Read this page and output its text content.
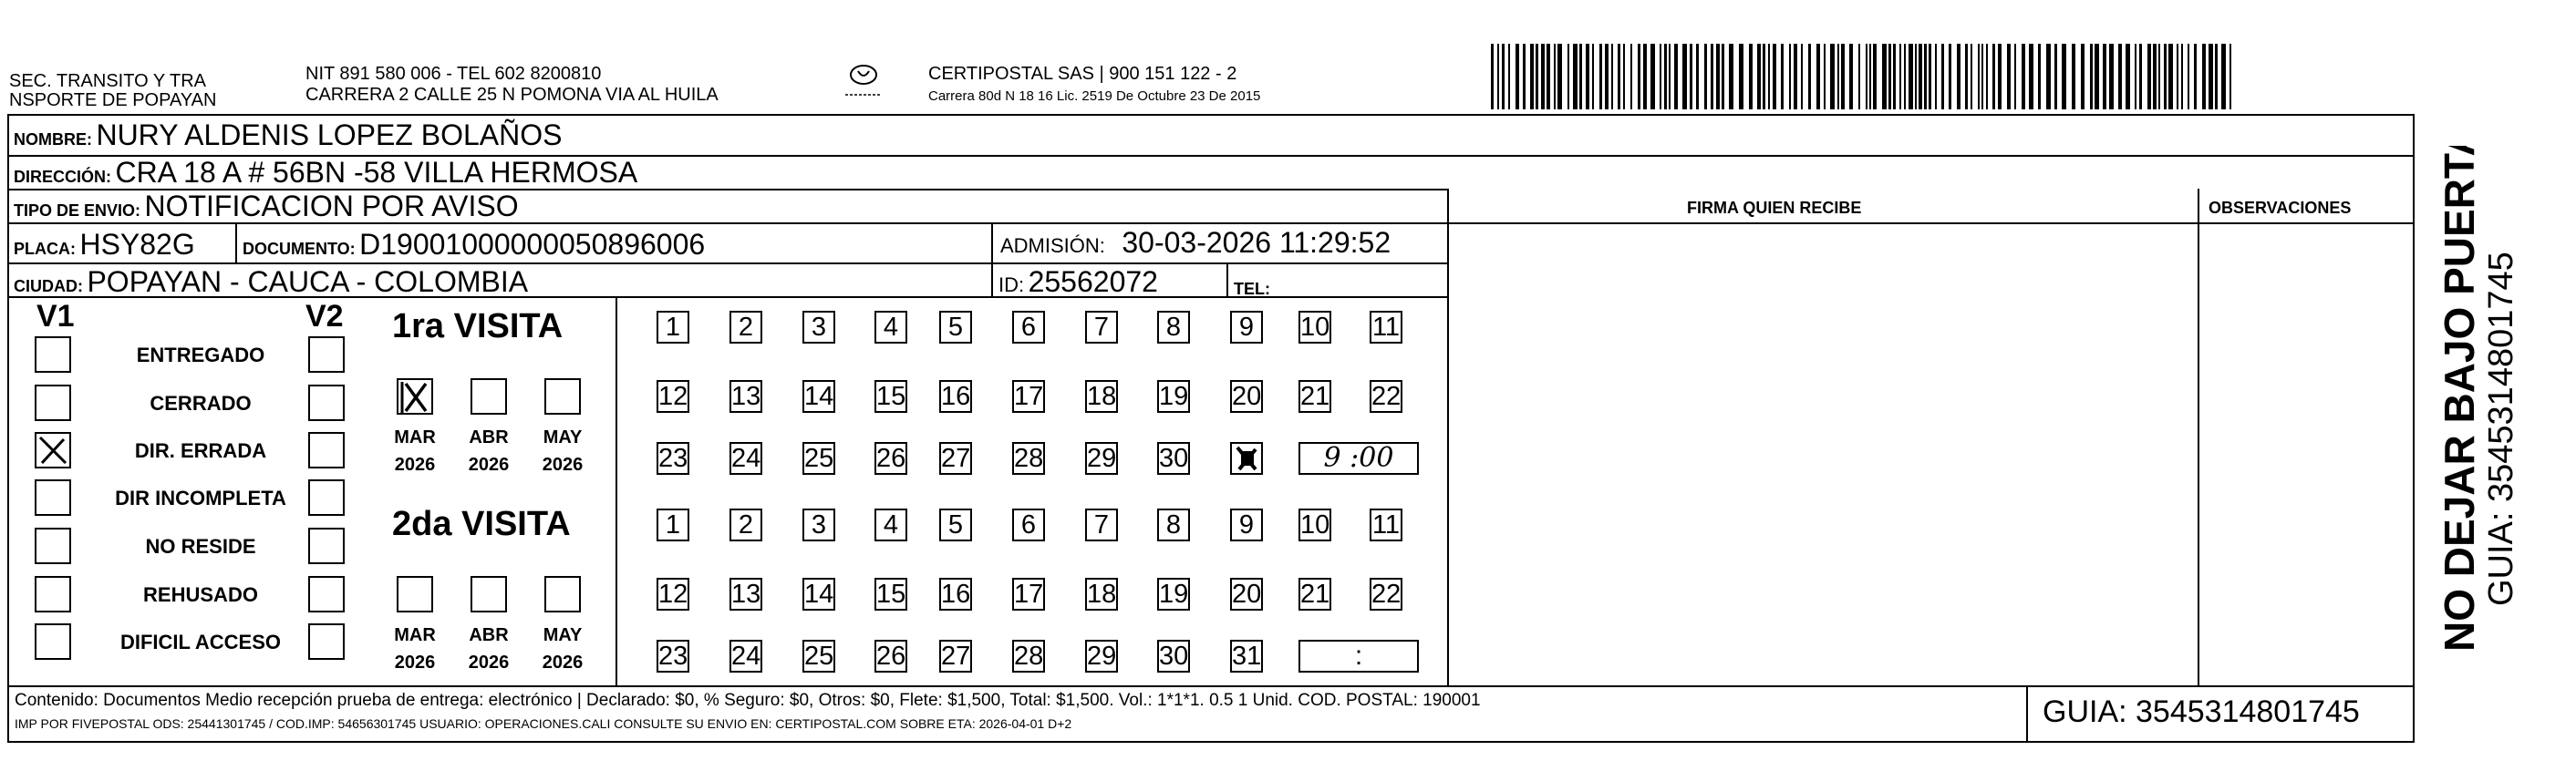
SEC. TRANSITO Y TRA
NSPORTE DE POPAYAN
NIT 891 580 006 - TEL 602 8200810
CARRERA 2 CALLE 25 N POMONA VIA AL HUILA
CERTIPOSTAL SAS | 900 151 122 - 2
Carrera 80d N 18 16 Lic. 2519 De Octubre 23 De 2015
NOMBRE: NURY ALDENIS LOPEZ BOLAÑOS
DIRECCIÓN: CRA 18 A # 56BN -58 VILLA HERMOSA
TIPO DE ENVIO: NOTIFICACION POR AVISO	FIRMA QUIEN RECIBE	OBSERVACIONES
PLACA: HSY82G	DOCUMENTO: D19001000000050896006	ADMISIÓN: 30-03-2026 11:29:52
CIUDAD: POPAYAN - CAUCA - COLOMBIA	ID: 25562072	TEL:
V1	V2
ENTREGADO
CERRADO
DIR. ERRADA
DIR INCOMPLETA
NO RESIDE
REHUSADO
DIFICIL ACCESO
1ra VISITA
MAR
2026
ABR
2026
MAY
2026
1	2	3	4	5	6	7	8	9	10 11
12 13 14 15 16 17 18 19 20 21 22
23 24 25 26 27 28 29 30	9 :00
2da VISITA
MAR
2026
ABR
2026
MAY
2026
1	2	3	4	5	6	7	8	9	10 11
12 13 14 15 16 17 18 19 20 21 22
23 24 25 26 27 28 29 30 31	:
Contenido: Documentos Medio recepción prueba de entrega: electrónico | Declarado: $0, % Seguro: $0, Otros: $0, Flete: $1,500, Total: $1,500. Vol.: 1*1*1. 0.5 1 Unid. COD. POSTAL: 190001
IMP POR FIVEPOSTAL ODS: 25441301745 / COD.IMP: 54656301745 USUARIO: OPERACIONES.CALI CONSULTE SU ENVIO EN: CERTIPOSTAL.COM SOBRE ETA: 2026-04-01 D+2	GUIA: 3545314801745
NO DEJAR BAJO PUERTA GUIA: 3545314801745
